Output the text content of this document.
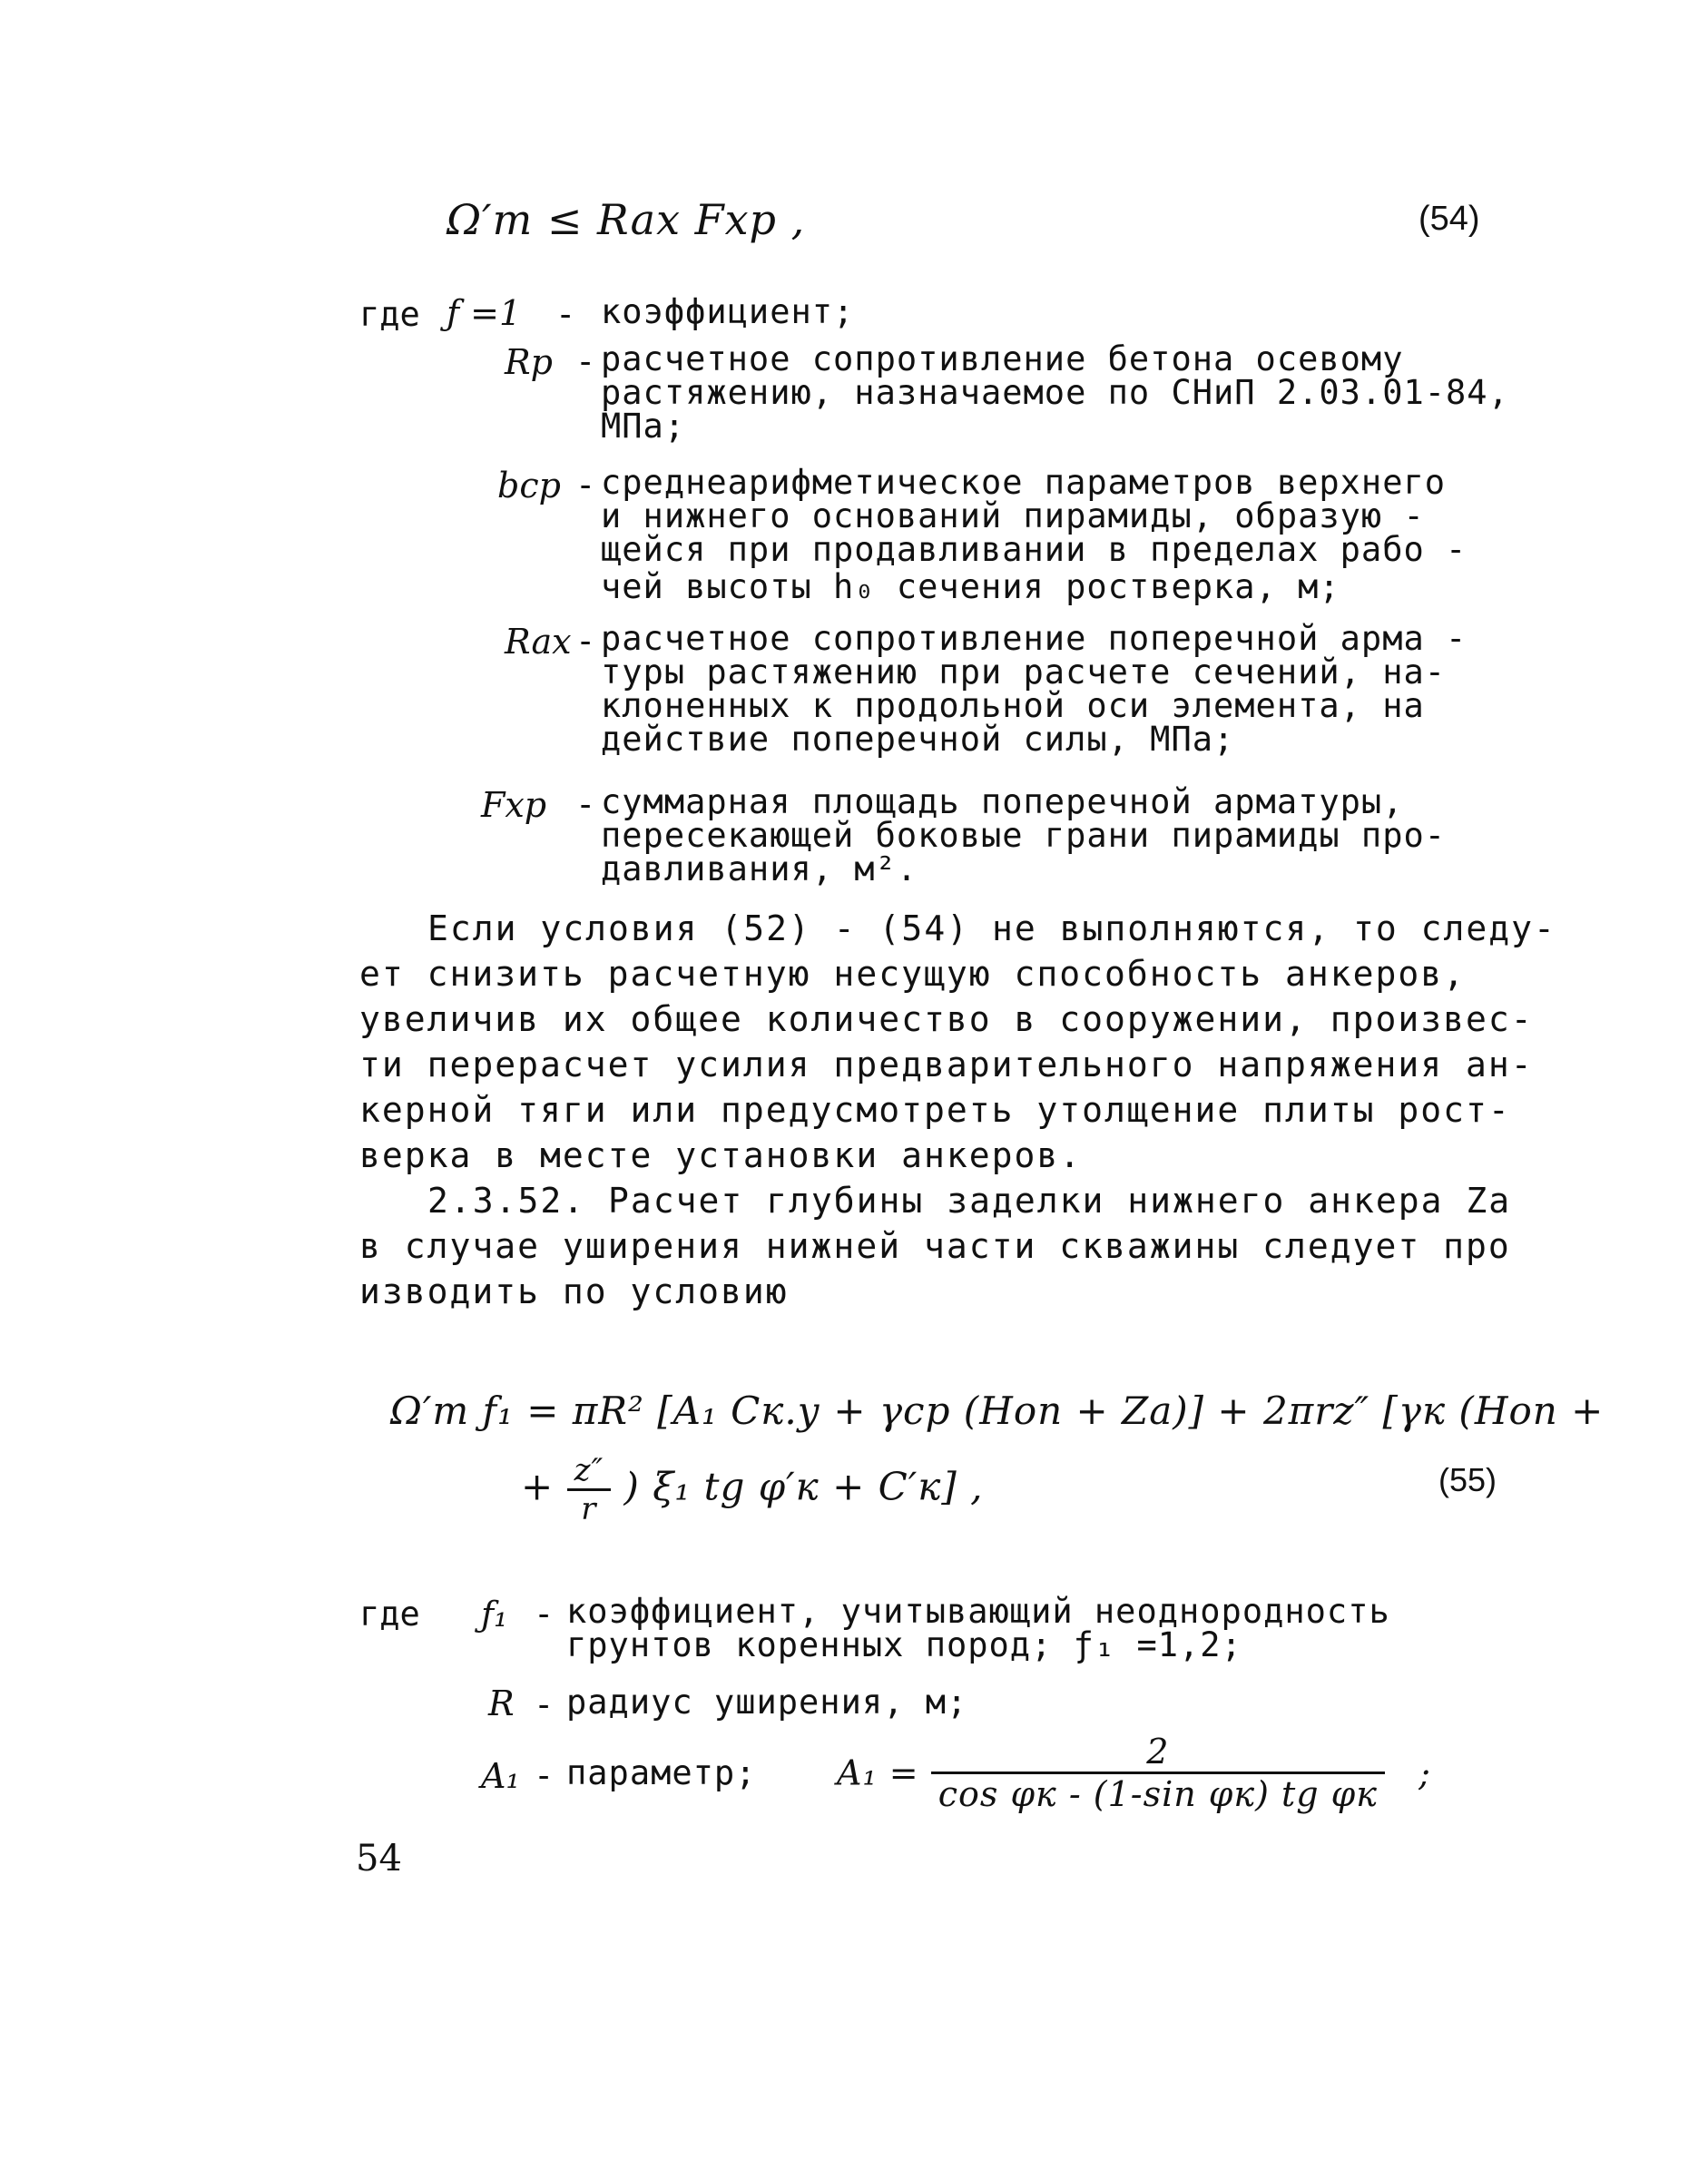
Ω′т ≤ Rax Fxp ,	(54)
где ƒ =1 - коэффициент;
Rр - расчетное сопротивление бетона осевому
растяжению, назначаемое по СНиП 2.03.01-84,
МПа;
bср - среднеарифметическое параметров верхнего
и нижнего оснований пирамиды, образую -
щейся при продавливании в пределах рабо -
чей высоты h₀ сечения ростверка, м;
Rax - расчетное сопротивление поперечной арма -
туры растяжению при расчете сечений, на-
клоненных к продольной оси элемента, на
действие поперечной силы, МПа;
Fxp - суммарная площадь поперечной арматуры,
пересекающей боковые грани пирамиды про-
давливания, м².
Если условия (52) - (54) не выполняются, то следу-
ет снизить расчетную несущую способность анкеров,
увеличив их общее количество в сооружении, произвес-
ти перерасчет усилия предварительного напряжения ан-
керной тяги или предусмотреть утолщение плиты рост-
верка в месте установки анкеров.
2.3.52. Расчет глубины заделки нижнего анкера Za
в случае уширения нижней части скважины следует про
изводить по условию
Ω′т ƒ₁ = πR² [A₁ Cк.у + γср (Hоп + Za)] + 2πrz″ [γк (Hоп +
+ $\frac{z''}{r}$ ) ξ₁ tg φ′к + C′к] ,	(55)
где ƒ₁ - коэффициент, учитывающий неоднородность
грунтов коренных пород; ƒ₁ =1,2;
R - радиус уширения, м;
A₁ - параметр;	$A_1 = \frac{2}{\text{cos φк - (1-sin φк) tg φк}}$ ;
54
